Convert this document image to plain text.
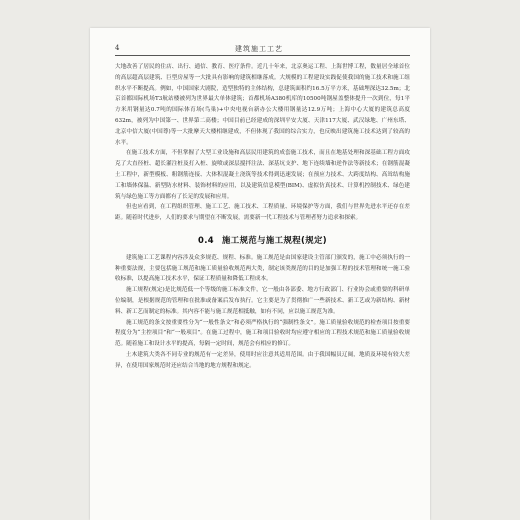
4	建筑施工工艺

大地改善了居民的住店、出行、通信、教育、医疗条件。近几十年来，北京奥运工程、上海世博工程，数量居全球首位的高层超高层建筑、巨型房屋等一大批具有影响的建筑相继落成。大规模的工程建设实践促使我国的施工技术和施工组织水平不断提高。例如，中国国家大剧院，造型独特的主体结构，总建筑面积约16.5万平方米，基础埋深达32.5m；北京首都国际机场T3航站楼被列为世界最大单体建筑；首都机场A380机库的10500吨钢屋盖整体提升一次到位，每1平方米用钢量达0.7吨的国际体育场(鸟巢)+中央电视台新办公大楼用钢量达12.9万吨；上海中心大厦的建筑总高度632m，被列为中国第一、世界第二高楼；中国目前已经建成的深圳平安大厦、天津117大厦、武汉绿地、广州东塔、北京中信大厦(中国尊)等一大批摩天大楼相继建成，不但体现了我国的综合实力，也反映出建筑施工技术达到了较高的水平。

在施工技术方面，不但掌握了大型工业设施和高层民用建筑的成套施工技术，而且在地基处理和深基础工程方面攻克了大直径桩、超长灌注桩及打入桩、旋喷或深层搅拌注法、深基坑支护、地下连续墙和逆作法等新技术；在钢筋混凝土工程中，新型模板、粗钢筋连接、大体积混凝土浇筑等技术得到迅速发展；在预应力技术、大跨度结构、高耸结构施工和墙体保温、新型防水材料、装饰材料的应用，以及建筑信息模型(BIM)、虚拟仿真技术、计算机控制技术、绿色建筑与绿色施工等方面都有了长足的发展和应用。

但也应看到，在工程组织管理、施工工艺、施工技术、工程质量、环境保护等方面，我们与世界先进水平还存在差距。随着时代进步，人们的要求与期望在不断发展，需要新一代工程技术与管理者努力追求和探索。

0.4 施工规范与施工规程(规定)

建筑施工工艺课程内容涉及众多规范、规程、标准。施工规范是由国家建设主管部门颁发的，施工中必须执行的一种重要法规，主要包括施工规范和施工质量验收规范两大类，制定该类规范的目的是加强工程的技术管理和统一施工验收标准，以提高施工技术水平，保证工程质量和降低工程成本。

施工规程(规定)是比规范低一个等级的施工标准文件，它一般由各部委、地方行政部门、行业协会或重要的科研单位编制，是根据规范的管理和在批准或备案后发布执行。它主要是为了贯彻推广一些新技术、新工艺或为新结构、新材料、新工艺而制定的标准。其内容不能与施工规范相抵触，如有不同，应以施工规范为准。

施工规范的条文按重要性分为“一般性条文”和必须严格执行的“强制性条文”。施工质量验收规范的检查项目按重要程度分为“主控项目”和“一般项目”。在施工过程中，施工和项目验收时均应遵守相应的工程技术规范和施工质量验收规范。随着施工和设计水平的提高，每隔一定时间，规范会有相应的修订。

土木建筑大类各不同专业的规范有一定差异，使用时应注意其适用范围。由于我国幅员辽阔，地质及环境有较大差异，在使用国家规范时还应结合当地的地方规程和规定。
